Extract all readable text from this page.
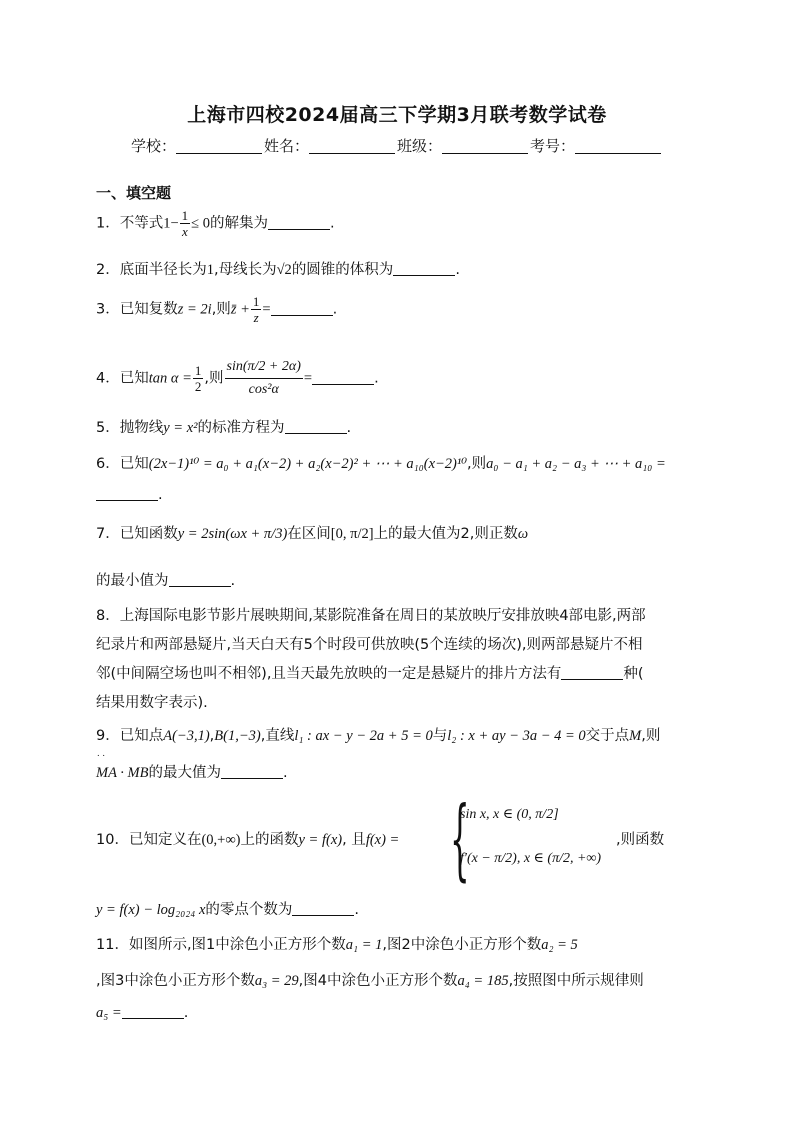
上海市四校2024届高三下学期3月联考数学试卷
学校：	姓名：	班级：	考号：
一、填空题
1．不等式$1- \frac{1}{x} \le 0$的解集为	.
2．底面半径长为1,母线长为√2的圆锥的体积为	.
3．已知复数z = 2i,则z̄ + $\frac{1}{z}$ =	.
4．已知$\tan \alpha = \frac{1}{2}$ ,则 $\frac{\sin(\pi/2 + 2\alpha)}{\text{cos²α}}$ =	.
5．抛物线y = x²的标准方程为	.
6．已知(2x−1)¹⁰ = a₀ + a₁(x−2) + a₂(x−2)² + ⋯ + a₁₀(x−2)¹⁰,则a₀ − a₁ + a₂ − a₃ + ⋯ + a₁₀ =
.
7．已知函数y = 2sin(ωx + π/3)在区间[0, π/2]上的最大值为2,则正数ω
的最小值为	.
8．上海国际电影节影片展映期间,某影院准备在周日的某放映厅安排放映4部电影,两部
纪录片和两部悬疑片,当天白天有5个时段可供放映(5个连续的场次),则两部悬疑片不相
邻(中间隔空场也叫不相邻),且当天最先放映的一定是悬疑片的排片方法有	种(
结果用数字表示).
9．已知点A(−3,1),B(1,−3),直线l₁ : ax − y − 2a + 5 = 0与l₂ : x + ay − 3a − 4 = 0交于点M,则
˙˙ MA · MB的最大值为	.
10．已知定义在(0,+∞)上的函数y = f(x), 且f(x) = {
sin x, x ∈ (0, π/2]
f′(x − π/2), x ∈ (π/2, +∞)
,则函数
y = f(x) − log₂₀₂₄ x的零点个数为	.
11．如图所示,图1中涂色小正方形个数a₁ = 1,图2中涂色小正方形个数a₂ = 5
,图3中涂色小正方形个数a₃ = 29,图4中涂色小正方形个数a₄ = 185,按照图中所示规律则
a₅ =	.
